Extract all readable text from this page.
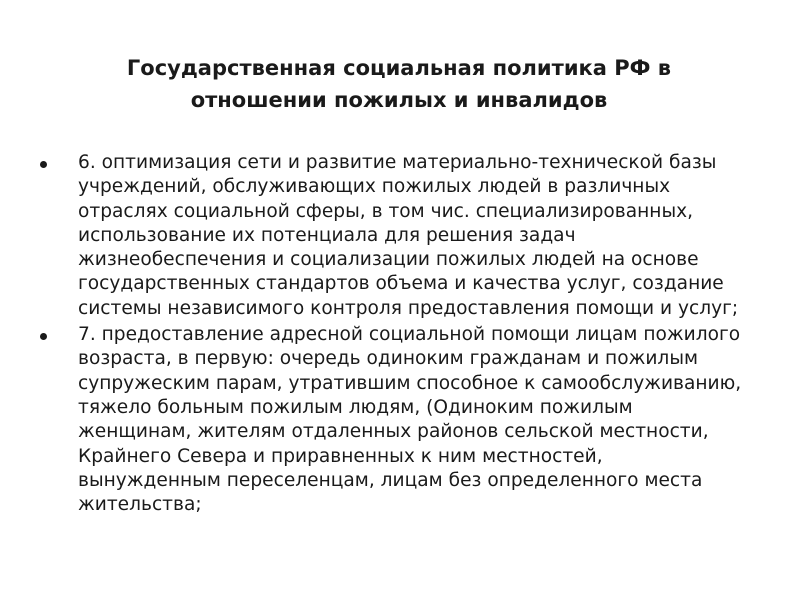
Государственная социальная политика РФ в отношении пожилых и инвалидов
6. оптимизация сети и развитие материально-технической базы учреждений, обслуживающих пожилых людей в различных отраслях социальной сферы, в том чис. специализированных, использование их потенциала для решения задач жизнеобеспечения и социализации пожилых людей на основе государственных стандартов объема и качества услуг, создание системы независимого контроля предоставления помощи и услуг;
7. предоставление адресной социальной помощи лицам пожилого возраста, в первую: очередь одиноким гражданам и пожилым супружеским парам, утратившим способное к самообслуживанию, тяжело больным пожилым людям, (Одиноким пожилым женщинам, жителям отдаленных районов сельской местности, Крайнего Севера и приравненных к ним местностей, вынужденным переселенцам, лицам без определенного места жительства;
